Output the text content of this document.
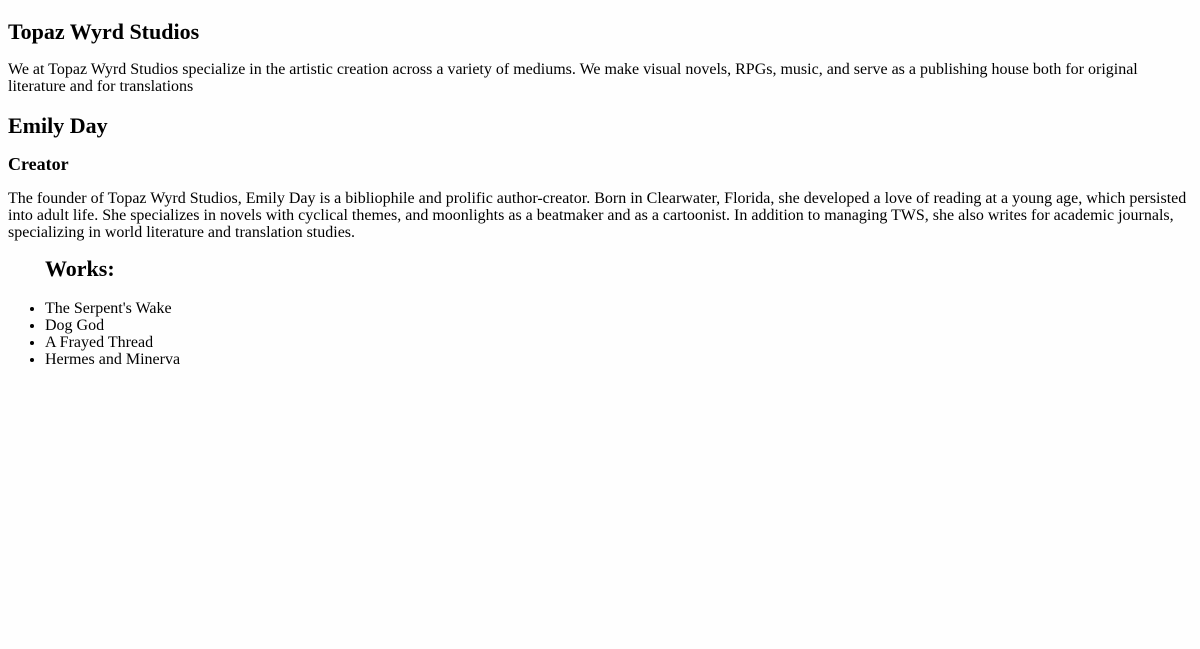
Topaz Wyrd Studios

We at Topaz Wyrd Studios specialize in the artistic creation across a variety of mediums. We make visual novels, RPGs, music, and serve as a publishing house both for original literature and for translations

Emily Day
Creator

The founder of Topaz Wyrd Studios, Emily Day is a bibliophile and prolific author-creator. Born in Clearwater, Florida, she developed a love of reading at a young age, which persisted into adult life. She specializes in novels with cyclical themes, and moonlights as a beatmaker and as a cartoonist. In addition to managing TWS, she also writes for academic journals, specializing in world literature and translation studies.

Works:
• The Serpent's Wake
• Dog God
• A Frayed Thread
• Hermes and Minerva
